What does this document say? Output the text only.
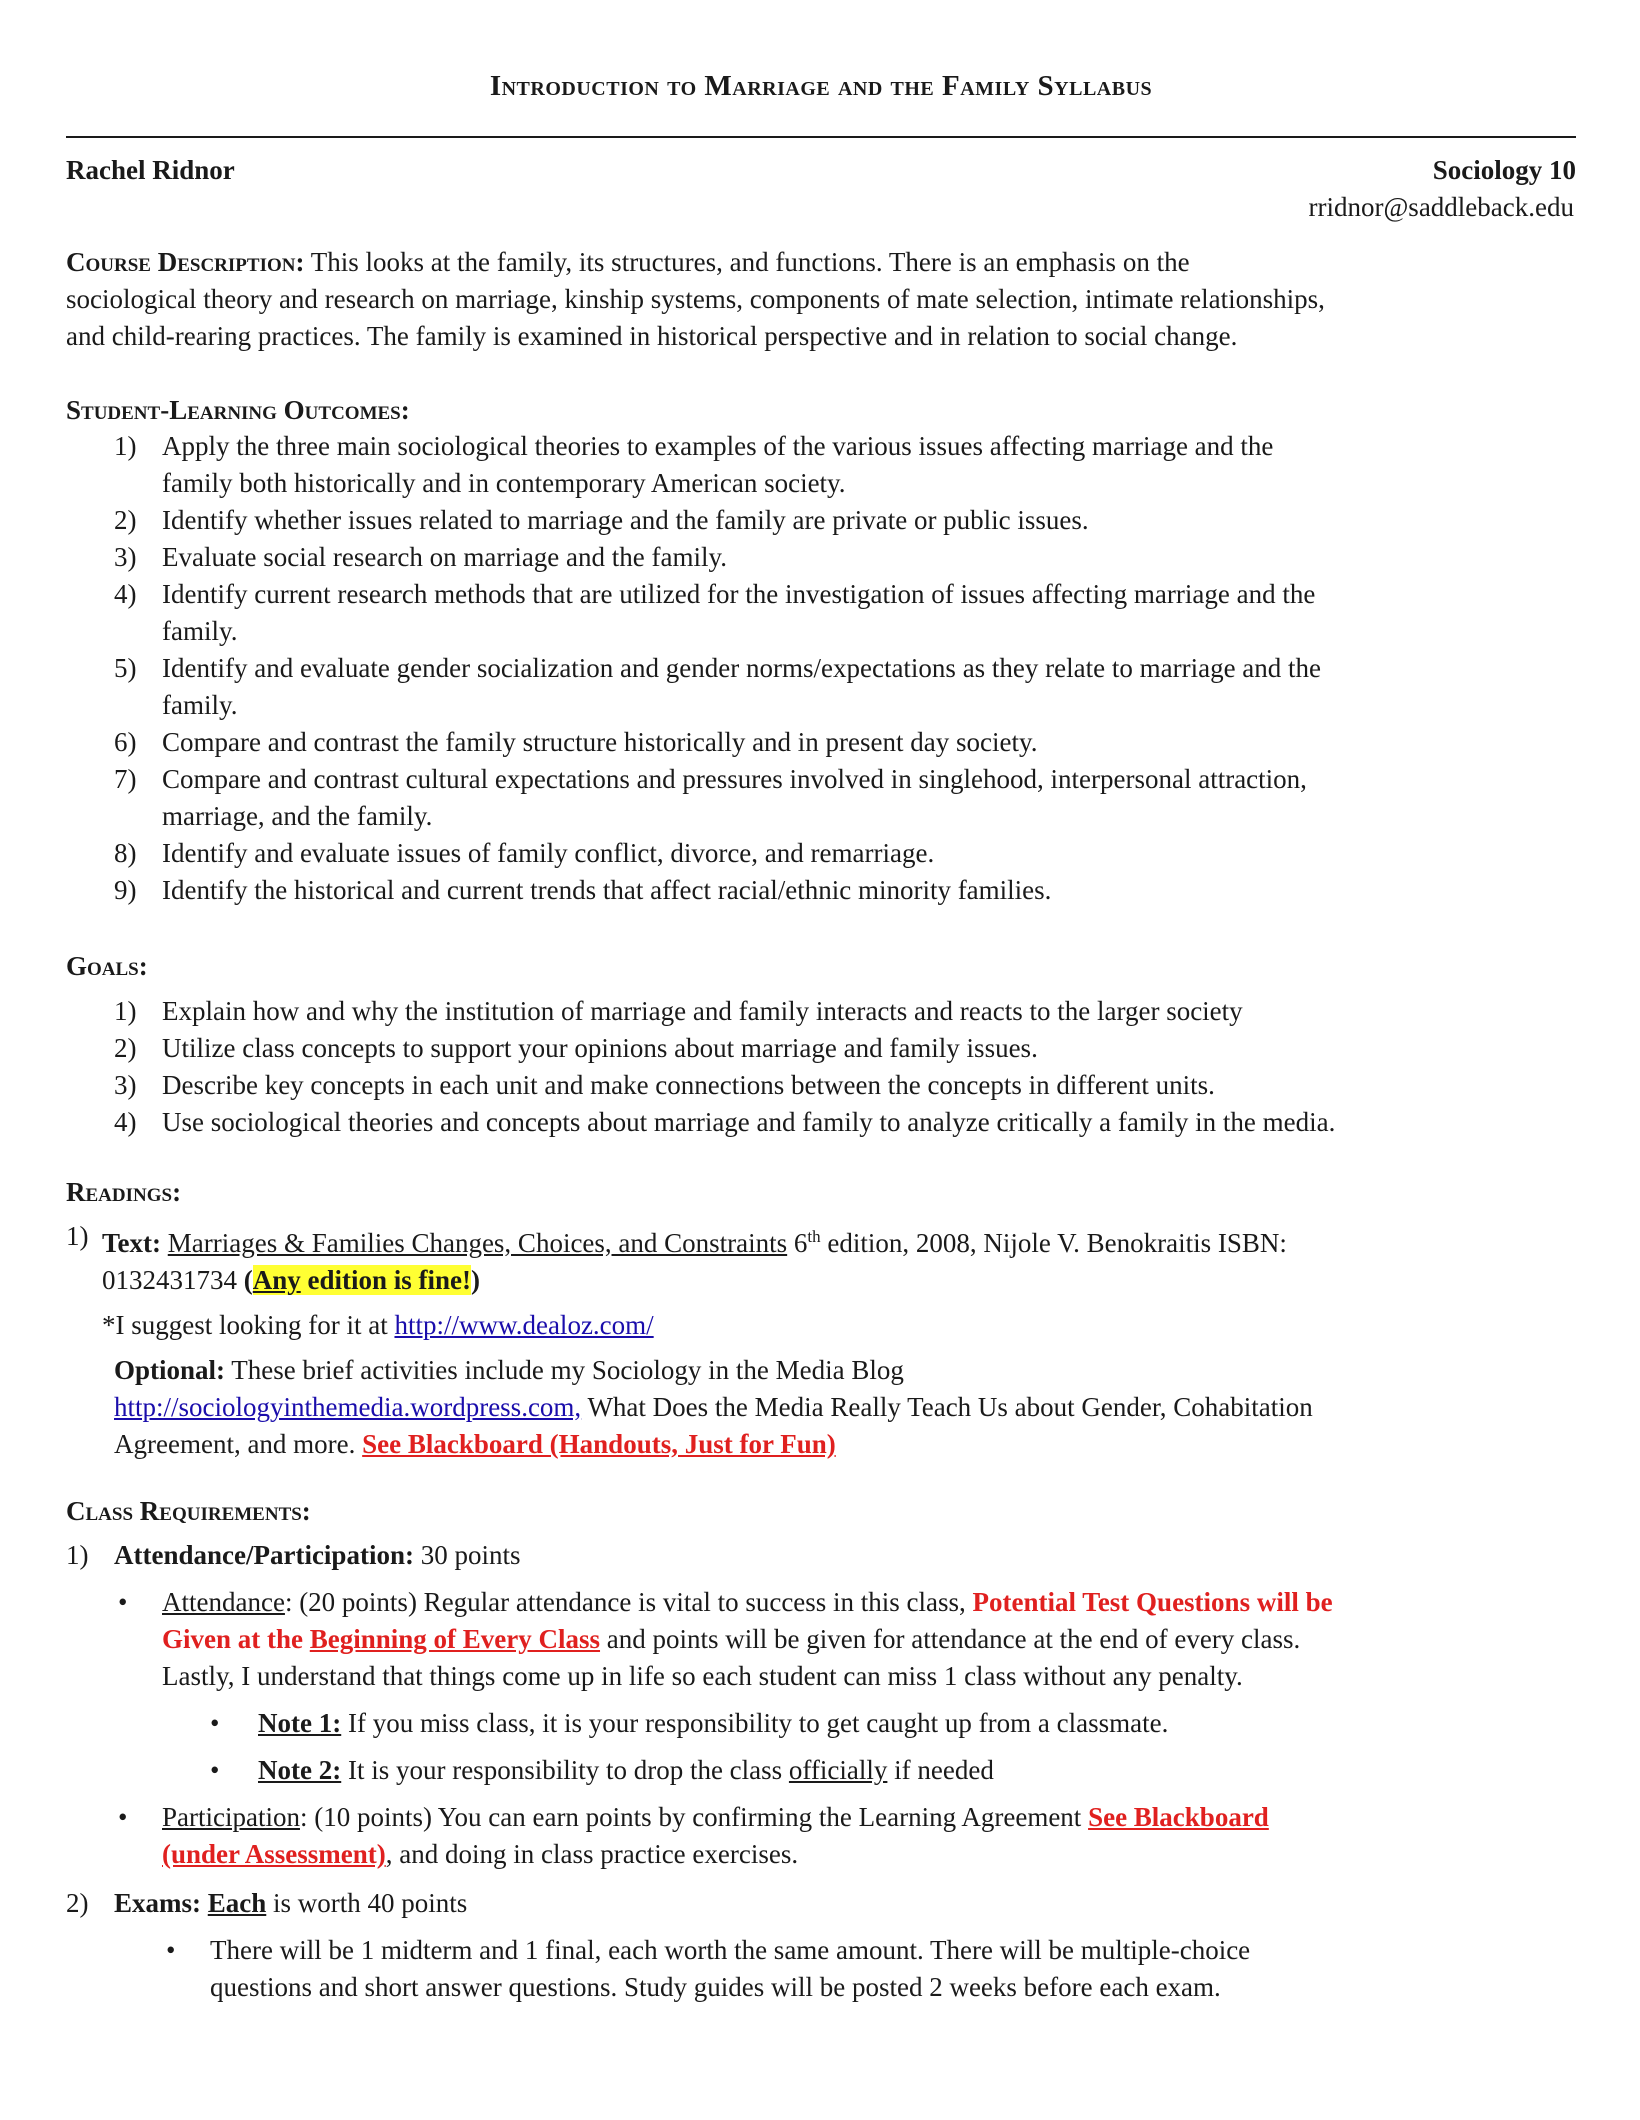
Introduction to Marriage and the Family Syllabus
Rachel Ridnor	Sociology 10
rridnor@saddleback.edu
Course Description: This looks at the family, its structures, and functions. There is an emphasis on the
sociological theory and research on marriage, kinship systems, components of mate selection, intimate relationships,
and child-rearing practices. The family is examined in historical perspective and in relation to social change.
Student-Learning Outcomes:
1) Apply the three main sociological theories to examples of the various issues affecting marriage and the
family both historically and in contemporary American society.
2) Identify whether issues related to marriage and the family are private or public issues.
3) Evaluate social research on marriage and the family.
4) Identify current research methods that are utilized for the investigation of issues affecting marriage and the
family.
5) Identify and evaluate gender socialization and gender norms/expectations as they relate to marriage and the
family.
6) Compare and contrast the family structure historically and in present day society.
7) Compare and contrast cultural expectations and pressures involved in singlehood, interpersonal attraction,
marriage, and the family.
8) Identify and evaluate issues of family conflict, divorce, and remarriage.
9) Identify the historical and current trends that affect racial/ethnic minority families.
Goals:
1) Explain how and why the institution of marriage and family interacts and reacts to the larger society
2) Utilize class concepts to support your opinions about marriage and family issues.
3) Describe key concepts in each unit and make connections between the concepts in different units.
4) Use sociological theories and concepts about marriage and family to analyze critically a family in the media.
Readings:
1) Text: Marriages & Families Changes, Choices, and Constraints 6th edition, 2008, Nijole V. Benokraitis ISBN:
0132431734 (Any edition is fine!)
*I suggest looking for it at http://www.dealoz.com/
Optional: These brief activities include my Sociology in the Media Blog
http://sociologyinthemedia.wordpress.com, What Does the Media Really Teach Us about Gender, Cohabitation
Agreement, and more. See Blackboard (Handouts, Just for Fun)
Class Requirements:
1) Attendance/Participation: 30 points
• Attendance: (20 points) Regular attendance is vital to success in this class, Potential Test Questions will be
Given at the Beginning of Every Class and points will be given for attendance at the end of every class.
Lastly, I understand that things come up in life so each student can miss 1 class without any penalty.
• Note 1: If you miss class, it is your responsibility to get caught up from a classmate.
• Note 2: It is your responsibility to drop the class officially if needed
• Participation: (10 points) You can earn points by confirming the Learning Agreement See Blackboard
(under Assessment), and doing in class practice exercises.
2) Exams: Each is worth 40 points
• There will be 1 midterm and 1 final, each worth the same amount. There will be multiple-choice
questions and short answer questions. Study guides will be posted 2 weeks before each exam.
